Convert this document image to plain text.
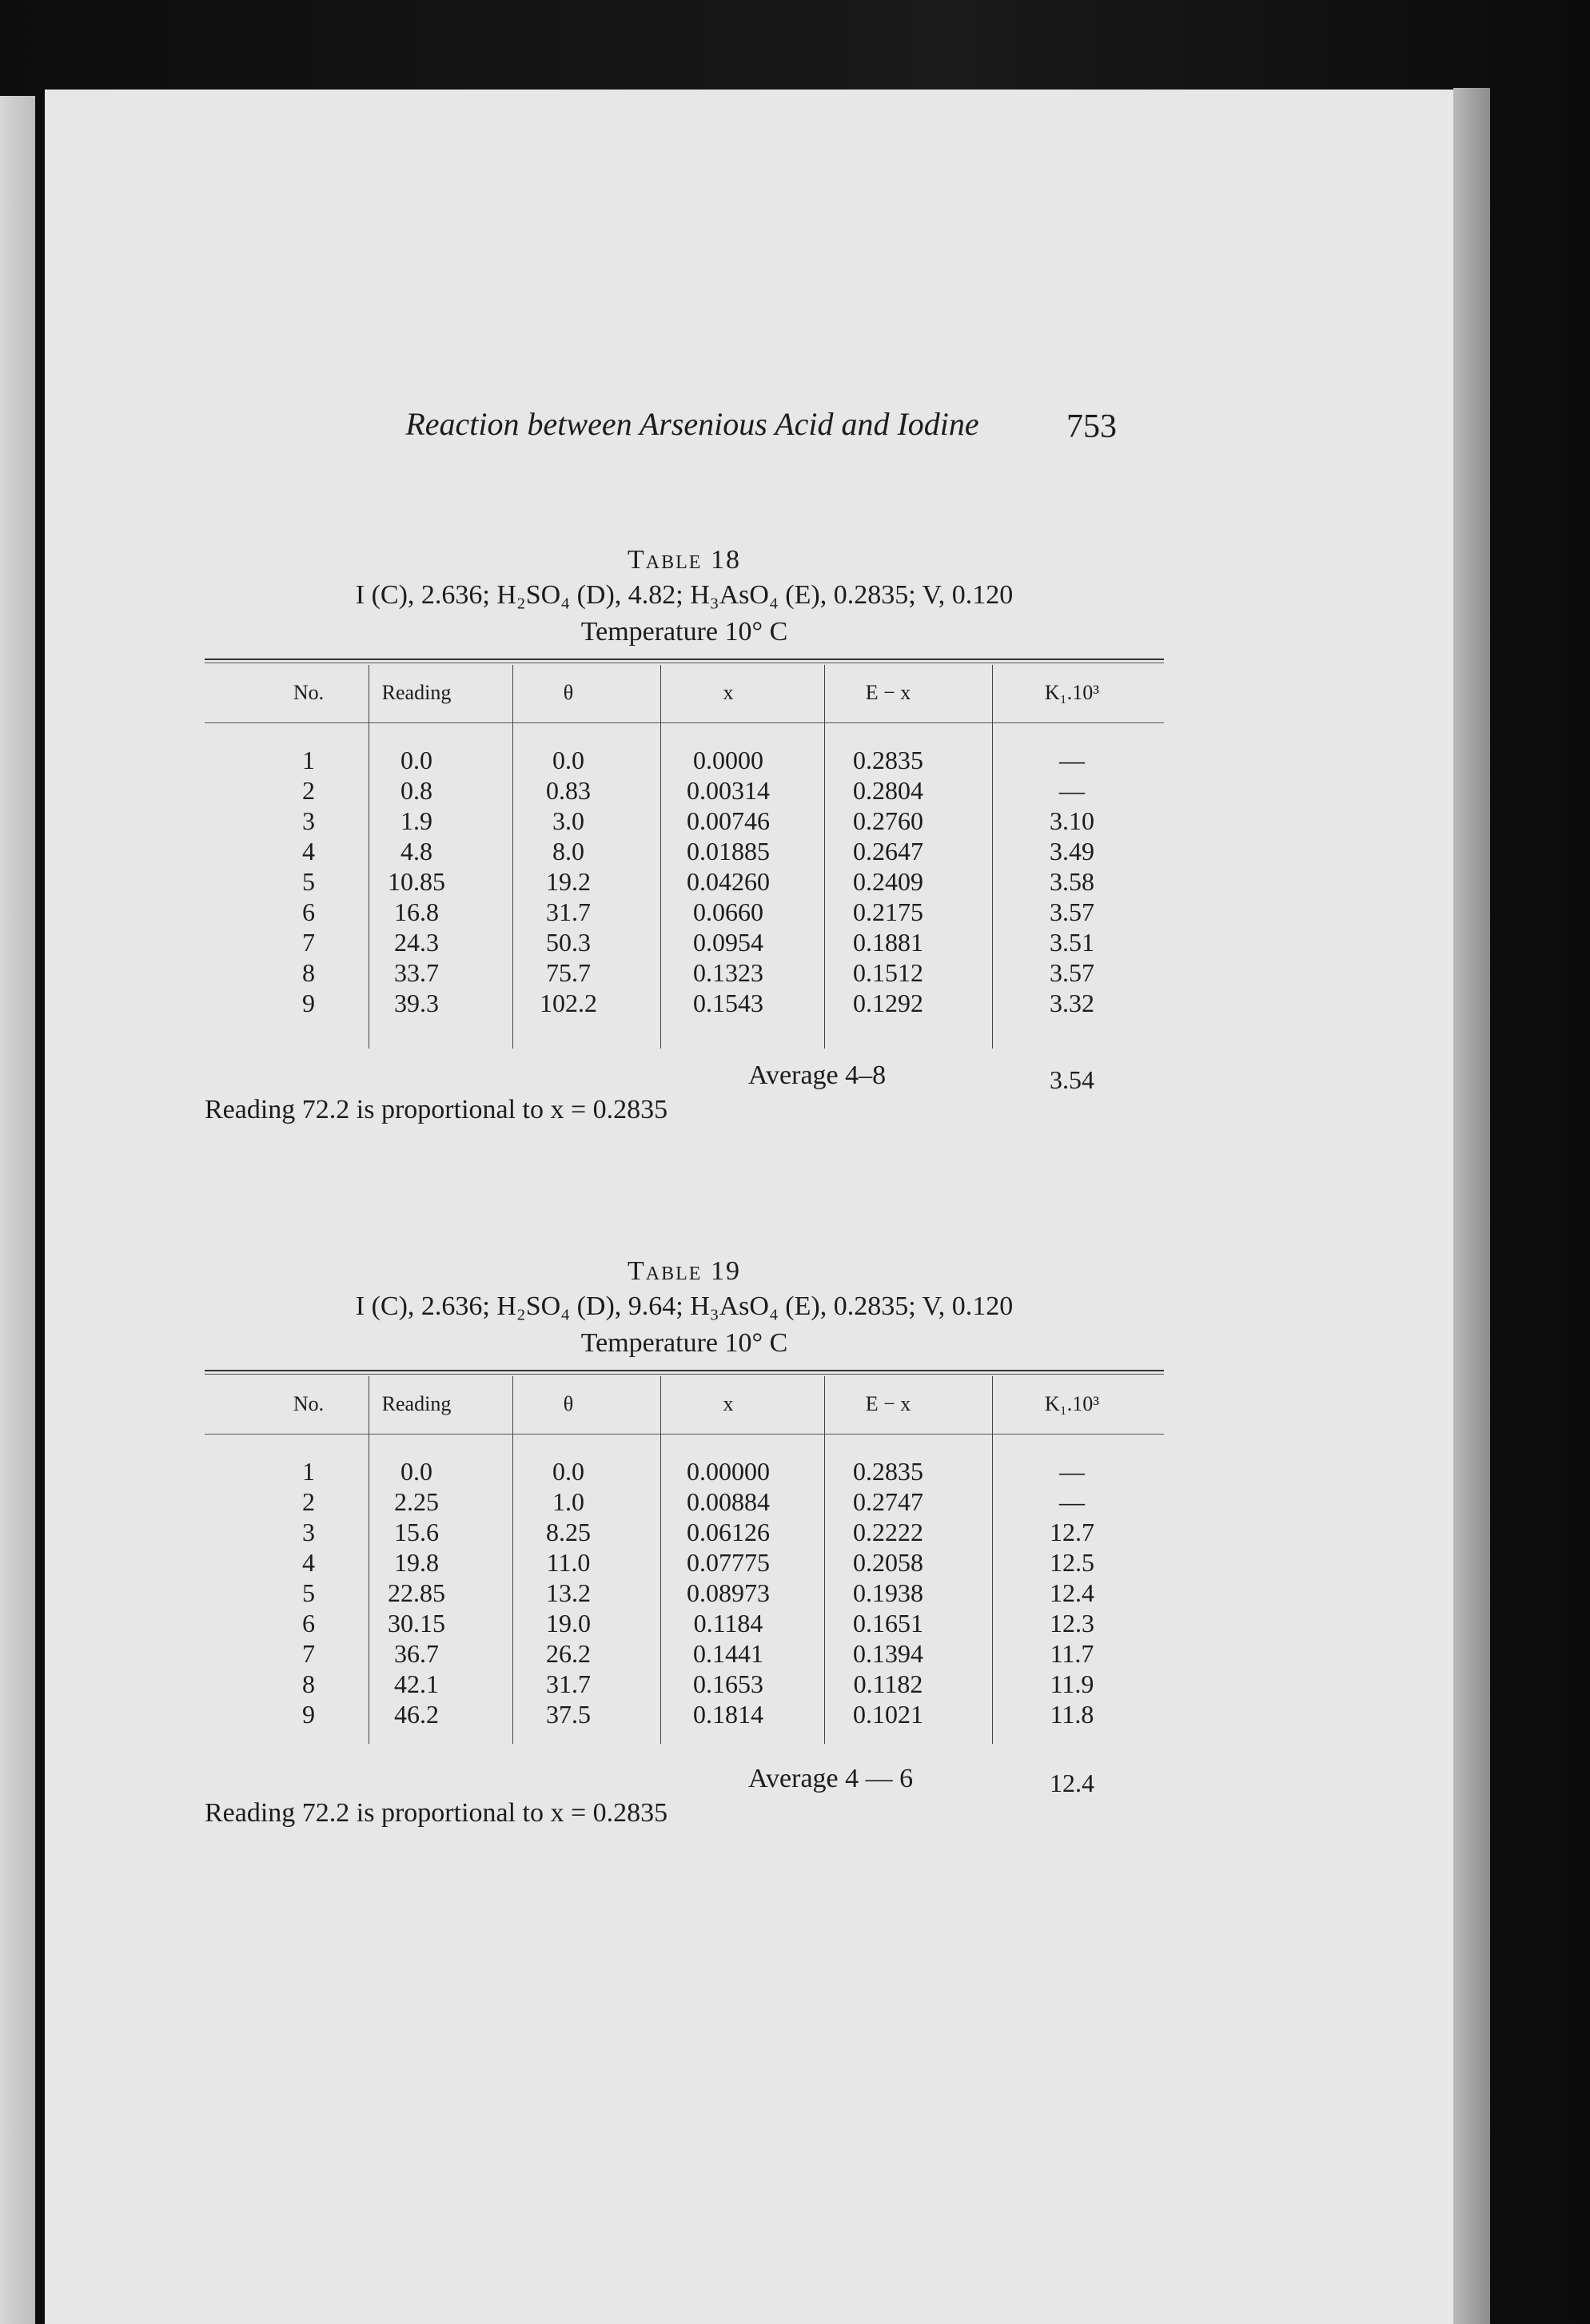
Reaction between Arsenious Acid and Iodine	753
Table 18
I (C), 2.636; H₂SO₄ (D), 4.82; H₃AsO₄ (E), 0.2835; V, 0.120
Temperature 10° C
No.	Reading	θ	x	E − x	K₁.10³
1	0.0	0.0	0.0000	0.2835	—
2	0.8	0.83	0.00314	0.2804	—
3	1.9	3.0	0.00746	0.2760	3.10
4	4.8	8.0	0.01885	0.2647	3.49
5	10.85	19.2	0.04260	0.2409	3.58
6	16.8	31.7	0.0660	0.2175	3.57
7	24.3	50.3	0.0954	0.1881	3.51
8	33.7	75.7	0.1323	0.1512	3.57
9	39.3	102.2	0.1543	0.1292	3.32
Average 4–8	3.54
Reading 72.2 is proportional to x = 0.2835
Table 19
I (C), 2.636; H₂SO₄ (D), 9.64; H₃AsO₄ (E), 0.2835; V, 0.120
Temperature 10° C
No.	Reading	θ	x	E − x	K₁.10³
1	0.0	0.0	0.00000	0.2835	—
2	2.25	1.0	0.00884	0.2747	—
3	15.6	8.25	0.06126	0.2222	12.7
4	19.8	11.0	0.07775	0.2058	12.5
5	22.85	13.2	0.08973	0.1938	12.4
6	30.15	19.0	0.1184	0.1651	12.3
7	36.7	26.2	0.1441	0.1394	11.7
8	42.1	31.7	0.1653	0.1182	11.9
9	46.2	37.5	0.1814	0.1021	11.8
Average 4 — 6	12.4
Reading 72.2 is proportional to x = 0.2835
